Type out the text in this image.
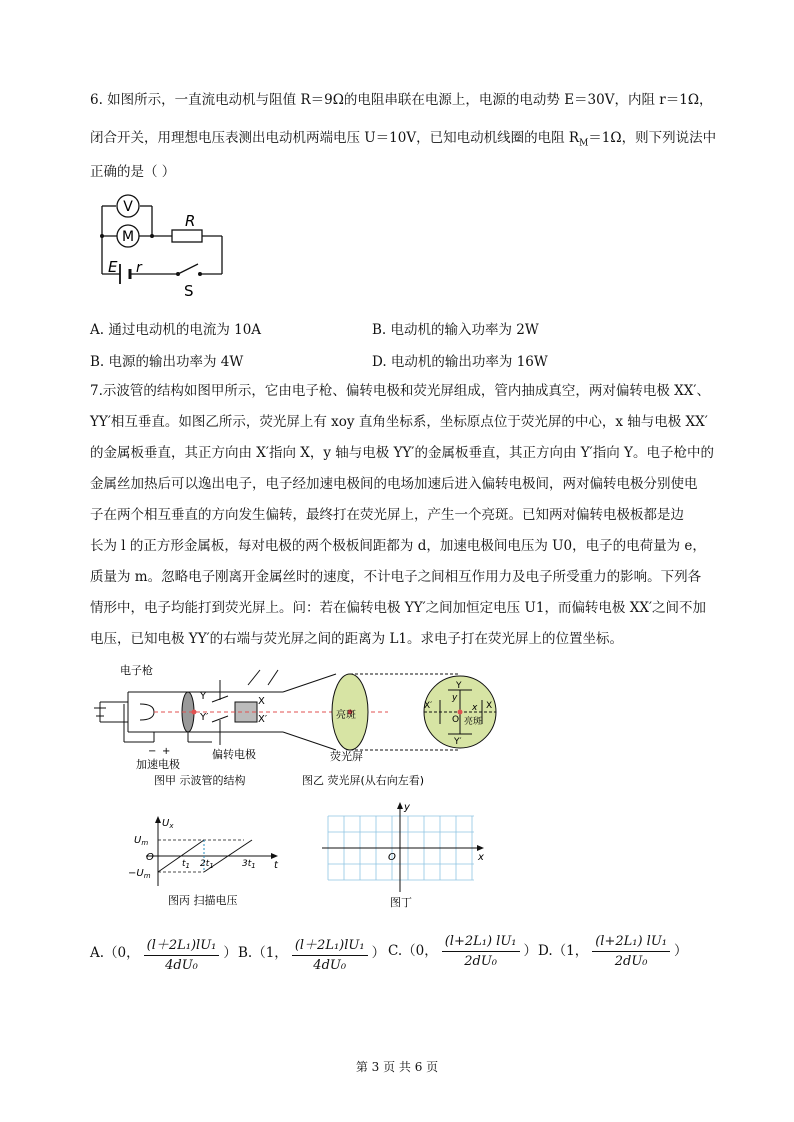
6. 如图所示，一直流电动机与阻值 R＝9Ω的电阻串联在电源上，电源的电动势 E＝30V，内阻 r＝1Ω，
闭合开关，用理想电压表测出电动机两端电压 U＝10V，已知电动机线圈的电阻 $R_M=1\Omega$，则下列说法中
正确的是（ ）
V
M
R
E r
S
A. 通过电动机的电流为 10A	B. 电动机的输入功率为 2W
B. 电源的输出功率为 4W	D. 电动机的输出功率为 16W
7.示波管的结构如图甲所示，它由电子枪、偏转电极和荧光屏组成，管内抽成真空，两对偏转电极 XX′、
YY′相互垂直。如图乙所示，荧光屏上有 xoy 直角坐标系，坐标原点位于荧光屏的中心，x 轴与电极 XX′
的金属板垂直，其正方向由 X′指向 X，y 轴与电极 YY′的金属板垂直，其正方向由 Y′指向 Y。电子枪中的
金属丝加热后可以逸出电子，电子经加速电极间的电场加速后进入偏转电极间，两对偏转电极分别使电
子在两个相互垂直的方向发生偏转，最终打在荧光屏上，产生一个亮斑。已知两对偏转电极板都是边
长为 l 的正方形金属板，每对电极的两个极板间距都为 d，加速电极间电压为 U0，电子的电荷量为 e，
质量为 m。忽略电子刚离开金属丝时的速度，不计电子之间相互作用力及电子所受重力的影响。下列各
情形中，电子均能打到荧光屏上。问：若在偏转电极 YY′之间加恒定电压 U1，而偏转电极 XX′之间不加
电压，已知电极 YY′的右端与荧光屏之间的距离为 L1。求电子打在荧光屏上的位置坐标。
电子枪
Y
Y′
X
X′
偏转电极
− +
加速电极
图甲 示波管的结构
亮斑
荧光屏
Y
Y′
X
X′
y
x
O 亮斑
图乙 荧光屏(从右向左看)
$U_x$
$U_m$
O
$-U_m$
$t_1$ $2t_1$	$3t_1$ t
图丙 扫描电压
y
x
O
图丁
A.（0， $\frac{\text{(l＋2L₁)lU₁}}{\text{4dU₀}}$ ） B.（1， $\frac{\text{(l＋2L₁)lU₁}}{\text{4dU₀}}$ ） C.（0， $\frac{\text{(l+2L₁) lU₁}}{\text{2dU₀}}$ ） D.（1， $\frac{\text{(l+2L₁) lU₁}}{\text{2dU₀}}$ ）
第 3 页 共 6 页
